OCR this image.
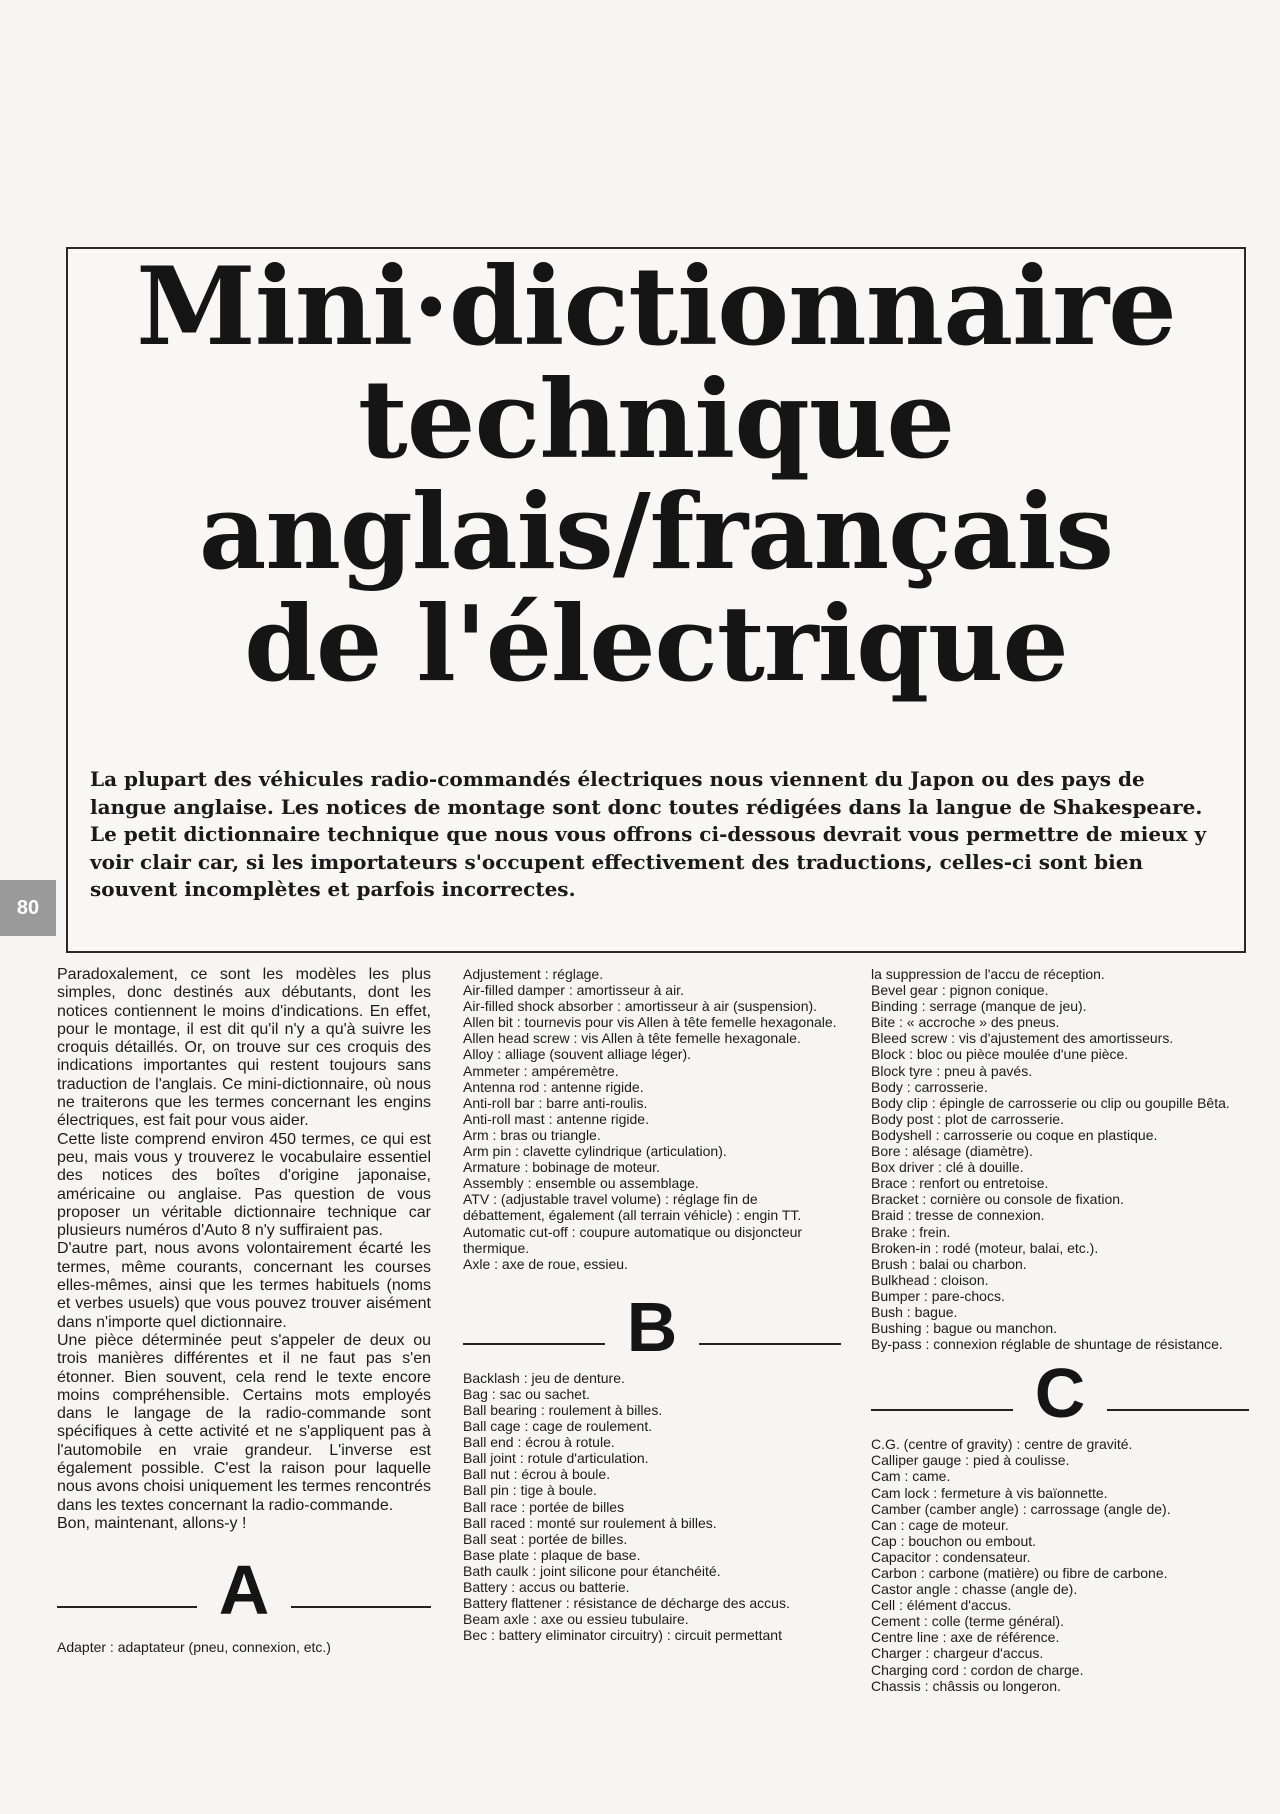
Mini·dictionnaire
technique
anglais/français
de l'électrique

La plupart des véhicules radio-commandés électriques nous viennent du Japon ou des pays de langue anglaise. Les notices de montage sont donc toutes rédigées dans la langue de Shakespeare.

Le petit dictionnaire technique que nous vous offrons ci-dessous devrait vous permettre de mieux y voir clair car, si les importateurs s'occupent effectivement des traductions, celles-ci sont bien souvent incomplètes et parfois incorrectes.

80

Paradoxalement, ce sont les modèles les plus simples, donc destinés aux débutants, dont les notices contiennent le moins d'indications. En effet, pour le montage, il est dit qu'il n'y a qu'à suivre les croquis détaillés. Or, on trouve sur ces croquis des indications importantes qui restent toujours sans traduction de l'anglais. Ce mini-dictionnaire, où nous ne traiterons que les termes concernant les engins électriques, est fait pour vous aider.

Cette liste comprend environ 450 termes, ce qui est peu, mais vous y trouverez le vocabulaire essentiel des notices des boîtes d'origine japonaise, américaine ou anglaise. Pas question de vous proposer un véritable dictionnaire technique car plusieurs numéros d'Auto 8 n'y suffiraient pas.

D'autre part, nous avons volontairement écarté les termes, même courants, concernant les courses elles-mêmes, ainsi que les termes habituels (noms et verbes usuels) que vous pouvez trouver aisément dans n'importe quel dictionnaire.

Une pièce déterminée peut s'appeler de deux ou trois manières différentes et il ne faut pas s'en étonner. Bien souvent, cela rend le texte encore moins compréhensible. Certains mots employés dans le langage de la radio-commande sont spécifiques à cette activité et ne s'appliquent pas à l'automobile en vraie grandeur. L'inverse est également possible. C'est la raison pour laquelle nous avons choisi uniquement les termes rencontrés dans les textes concernant la radio-commande.

Bon, maintenant, allons-y !

A

Adapter : adaptateur (pneu, connexion, etc.)

Adjustement : réglage.

Air-filled damper : amortisseur à air.

Air-filled shock absorber : amortisseur à air (suspension).

Allen bit : tournevis pour vis Allen à tête femelle hexagonale.

Allen head screw : vis Allen à tête femelle hexagonale.

Alloy : alliage (souvent alliage léger).

Ammeter : ampéremètre.

Antenna rod : antenne rigide.

Anti-roll bar : barre anti-roulis.

Anti-roll mast : antenne rigide.

Arm : bras ou triangle.

Arm pin : clavette cylindrique (articulation).

Armature : bobinage de moteur.

Assembly : ensemble ou assemblage.

ATV : (adjustable travel volume) : réglage fin de débattement, également (all terrain véhicle) : engin TT.

Automatic cut-off : coupure automatique ou disjoncteur thermique.

Axle : axe de roue, essieu.

B

Backlash : jeu de denture.

Bag : sac ou sachet.

Ball bearing : roulement à billes.

Ball cage : cage de roulement.

Ball end : écrou à rotule.

Ball joint : rotule d'articulation.

Ball nut : écrou à boule.

Ball pin : tige à boule.

Ball race : portée de billes

Ball raced : monté sur roulement à billes.

Ball seat : portée de billes.

Base plate : plaque de base.

Bath caulk : joint silicone pour étanchéité.

Battery : accus ou batterie.

Battery flattener : résistance de décharge des accus.

Beam axle : axe ou essieu tubulaire.

Bec : battery eliminator circuitry) : circuit permettant

la suppression de l'accu de réception.

Bevel gear : pignon conique.

Binding : serrage (manque de jeu).

Bite : « accroche » des pneus.

Bleed screw : vis d'ajustement des amortisseurs.

Block : bloc ou pièce moulée d'une pièce.

Block tyre : pneu à pavés.

Body : carrosserie.

Body clip : épingle de carrosserie ou clip ou goupille Bêta.

Body post : plot de carrosserie.

Bodyshell : carrosserie ou coque en plastique.

Bore : alésage (diamètre).

Box driver : clé à douille.

Brace : renfort ou entretoise.

Bracket : cornière ou console de fixation.

Braid : tresse de connexion.

Brake : frein.

Broken-in : rodé (moteur, balai, etc.).

Brush : balai ou charbon.

Bulkhead : cloison.

Bumper : pare-chocs.

Bush : bague.

Bushing : bague ou manchon.

By-pass : connexion réglable de shuntage de résistance.

C

C.G. (centre of gravity) : centre de gravité.

Calliper gauge : pied à coulisse.

Cam : came.

Cam lock : fermeture à vis baïonnette.

Camber (camber angle) : carrossage (angle de).

Can : cage de moteur.

Cap : bouchon ou embout.

Capacitor : condensateur.

Carbon : carbone (matière) ou fibre de carbone.

Castor angle : chasse (angle de).

Cell : élément d'accus.

Cement : colle (terme général).

Centre line : axe de référence.

Charger : chargeur d'accus.

Charging cord : cordon de charge.

Chassis : châssis ou longeron.
